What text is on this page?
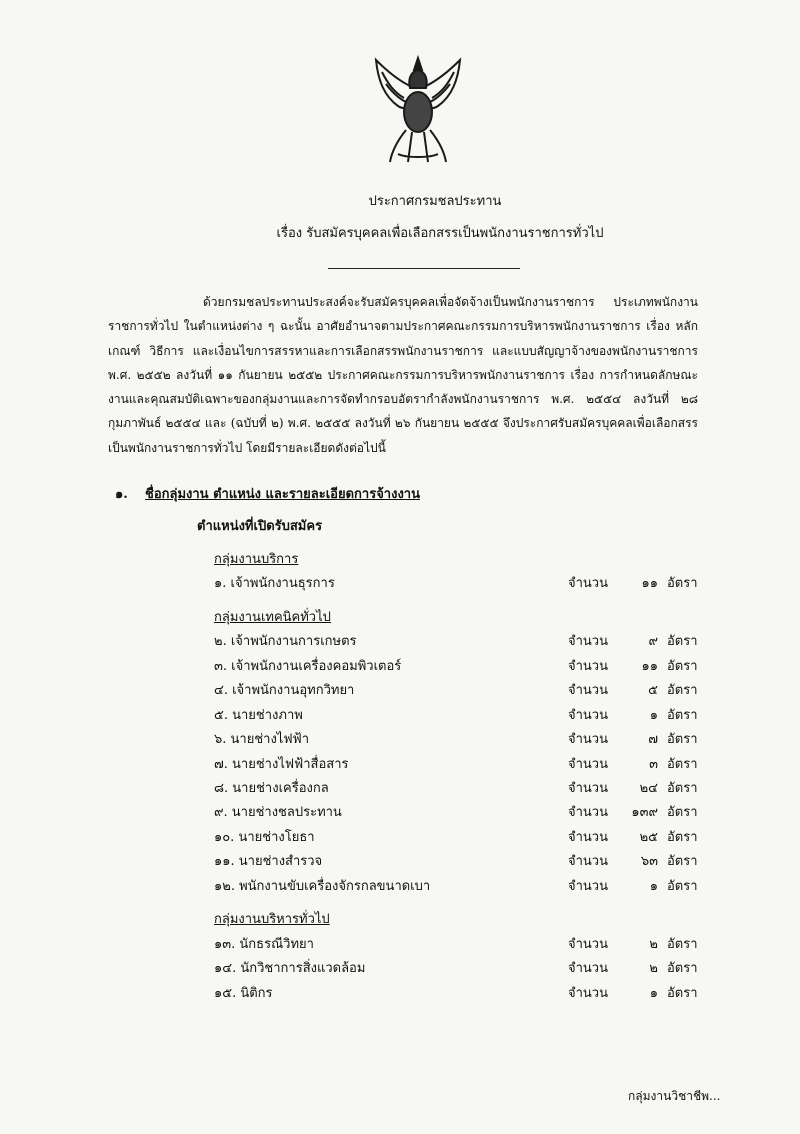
ประกาศกรมชลประทาน
เรื่อง รับสมัครบุคคลเพื่อเลือกสรรเป็นพนักงานราชการทั่วไป
ด้วยกรมชลประทานประสงค์จะรับสมัครบุคคลเพื่อจัดจ้างเป็นพนักงานราชการ ประเภทพนักงานราชการทั่วไป ในตำแหน่งต่าง ๆ ฉะนั้น อาศัยอำนาจตามประกาศคณะกรรมการบริหารพนักงานราชการ เรื่อง หลักเกณฑ์ วิธีการ และเงื่อนไขการสรรหาและการเลือกสรรพนักงานราชการ และแบบสัญญาจ้างของพนักงานราชการ พ.ศ. ๒๕๕๒ ลงวันที่ ๑๑ กันยายน ๒๕๕๒ ประกาศคณะกรรมการบริหารพนักงานราชการ เรื่อง การกำหนดลักษณะงานและคุณสมบัติเฉพาะของกลุ่มงานและการจัดทำกรอบอัตรากำลังพนักงานราชการ พ.ศ. ๒๕๕๔ ลงวันที่ ๒๘ กุมภาพันธ์ ๒๕๕๔ และ (ฉบับที่ ๒) พ.ศ. ๒๕๕๕ ลงวันที่ ๒๖ กันยายน ๒๕๕๕ จึงประกาศรับสมัครบุคคลเพื่อเลือกสรรเป็นพนักงานราชการทั่วไป โดยมีรายละเอียดดังต่อไปนี้
๑. ชื่อกลุ่มงาน ตำแหน่ง และรายละเอียดการจ้างงาน
ตำแหน่งที่เปิดรับสมัคร
กลุ่มงานบริการ
๑. เจ้าพนักงานธุรการ	จำนวน	๑๑ อัตรา
กลุ่มงานเทคนิคทั่วไป
๒. เจ้าพนักงานการเกษตร	จำนวน	๙ อัตรา
๓. เจ้าพนักงานเครื่องคอมพิวเตอร์	จำนวน	๑๑ อัตรา
๔. เจ้าพนักงานอุทกวิทยา	จำนวน	๕ อัตรา
๕. นายช่างภาพ	จำนวน	๑ อัตรา
๖. นายช่างไฟฟ้า	จำนวน	๗ อัตรา
๗. นายช่างไฟฟ้าสื่อสาร	จำนวน	๓ อัตรา
๘. นายช่างเครื่องกล	จำนวน	๒๔ อัตรา
๙. นายช่างชลประทาน	จำนวน	๑๓๙ อัตรา
๑๐. นายช่างโยธา	จำนวน	๒๕ อัตรา
๑๑. นายช่างสำรวจ	จำนวน	๖๓ อัตรา
๑๒. พนักงานขับเครื่องจักรกลขนาดเบา	จำนวน	๑ อัตรา
กลุ่มงานบริหารทั่วไป
๑๓. นักธรณีวิทยา	จำนวน	๒ อัตรา
๑๔. นักวิชาการสิ่งแวดล้อม	จำนวน	๒ อัตรา
๑๕. นิติกร	จำนวน	๑ อัตรา
กลุ่มงานวิชาชีพ...
